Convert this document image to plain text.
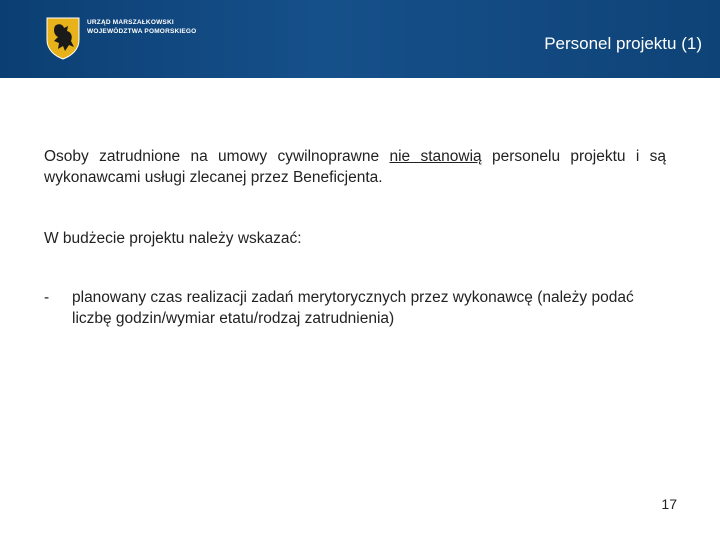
URZĄD MARSZAŁKOWSKI
WOJEWÓDZTWA POMORSKIEGO
Personel projektu (1)
Osoby zatrudnione na umowy cywilnoprawne nie stanowią personelu projektu i są wykonawcami usługi zlecanej przez Beneficjenta.
W budżecie projektu należy wskazać:
- planowany czas realizacji zadań merytorycznych przez wykonawcę (należy podać liczbę godzin/wymiar etatu/rodzaj zatrudnienia)
17
